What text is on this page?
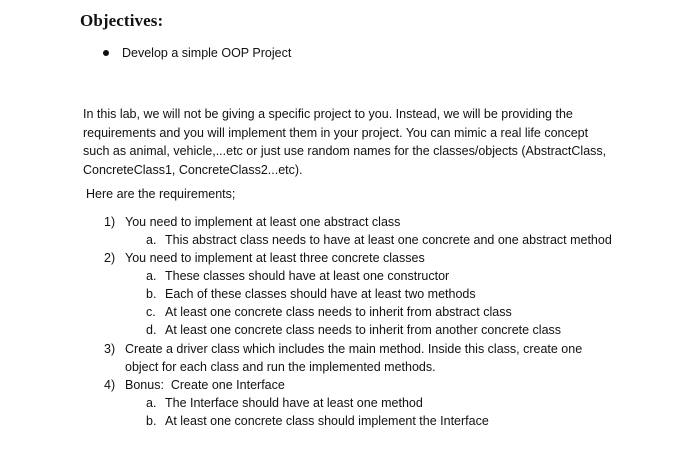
Objectives:
Develop a simple OOP Project

In this lab, we will not be giving a specific project to you. Instead, we will be providing the

requirements and you will implement them in your project. You can mimic a real life concept

such as animal, vehicle,...etc or just use random names for the classes/objects (AbstractClass,

ConcreteClass1, ConcreteClass2...etc).

Here are the requirements;
1) You need to implement at least one abstract class
a. This abstract class needs to have at least one concrete and one abstract method
2) You need to implement at least three concrete classes
a. These classes should have at least one constructor
b. Each of these classes should have at least two methods
c. At least one concrete class needs to inherit from abstract class
d. At least one concrete class needs to inherit from another concrete class
3) Create a driver class which includes the main method. Inside this class, create one
object for each class and run the implemented methods.
4) Bonus:  Create one Interface
a. The Interface should have at least one method
b. At least one concrete class should implement the Interface
